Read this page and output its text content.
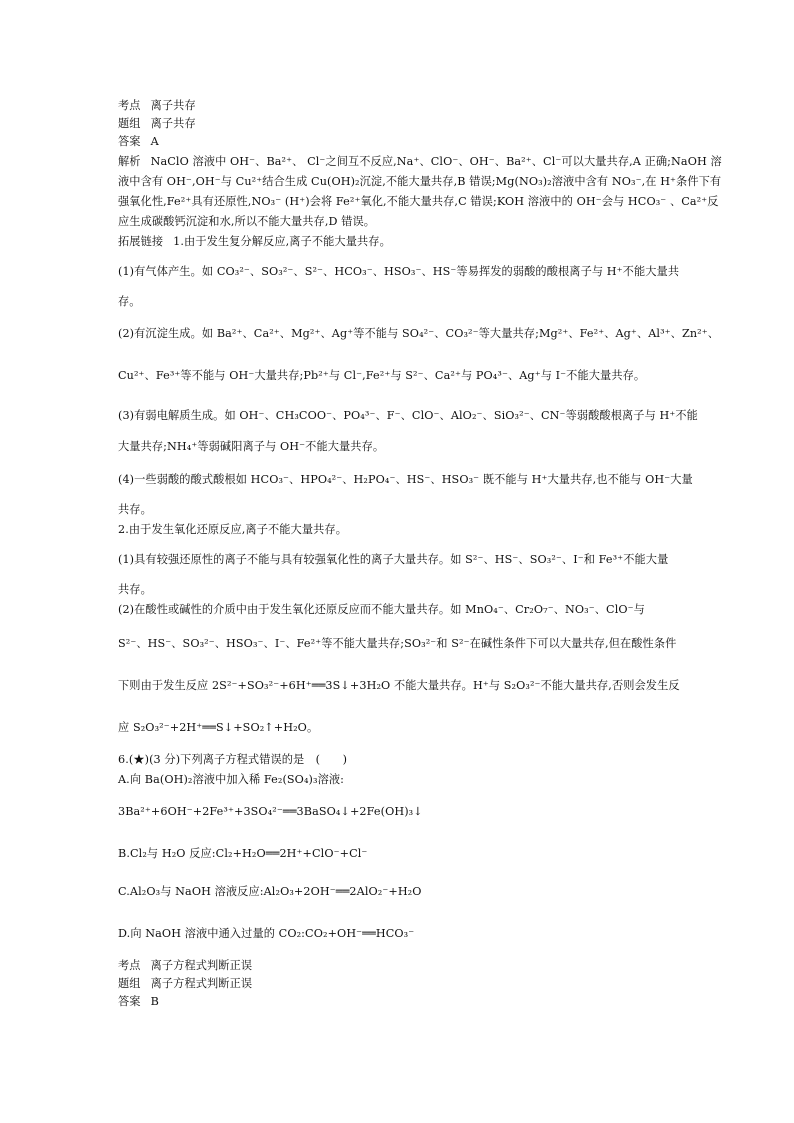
考点 离子共存
题组 离子共存
答案 A
解析 NaClO 溶液中 OH⁻、Ba²⁺、 Cl⁻之间互不反应,Na⁺、ClO⁻、OH⁻、Ba²⁺、Cl⁻可以大量共存,A 正确;NaOH 溶
液中含有 OH⁻,OH⁻与 Cu²⁺结合生成 Cu(OH)₂沉淀,不能大量共存,B 错误;Mg(NO₃)₂溶液中含有 NO₃⁻,在 H⁺条件下有
强氧化性,Fe²⁺具有还原性,NO₃⁻ (H⁺)会将 Fe²⁺氧化,不能大量共存,C 错误;KOH 溶液中的 OH⁻会与 HCO₃⁻ 、Ca²⁺反
应生成碳酸钙沉淀和水,所以不能大量共存,D 错误。
拓展链接 1.由于发生复分解反应,离子不能大量共存。
(1)有气体产生。如 CO₃²⁻、SO₃²⁻、S²⁻、HCO₃⁻、HSO₃⁻、HS⁻等易挥发的弱酸的酸根离子与 H⁺不能大量共
存。
(2)有沉淀生成。如 Ba²⁺、Ca²⁺、Mg²⁺、Ag⁺等不能与 SO₄²⁻、CO₃²⁻等大量共存;Mg²⁺、Fe²⁺、Ag⁺、Al³⁺、Zn²⁺、
Cu²⁺、Fe³⁺等不能与 OH⁻大量共存;Pb²⁺与 Cl⁻,Fe²⁺与 S²⁻、Ca²⁺与 PO₄³⁻、Ag⁺与 I⁻不能大量共存。
(3)有弱电解质生成。如 OH⁻、CH₃COO⁻、PO₄³⁻、F⁻、ClO⁻、AlO₂⁻、SiO₃²⁻、CN⁻等弱酸酸根离子与 H⁺不能
大量共存;NH₄⁺等弱碱阳离子与 OH⁻不能大量共存。
(4)一些弱酸的酸式酸根如 HCO₃⁻、HPO₄²⁻、H₂PO₄⁻、HS⁻、HSO₃⁻ 既不能与 H⁺大量共存,也不能与 OH⁻大量
共存。
2.由于发生氧化还原反应,离子不能大量共存。
(1)具有较强还原性的离子不能与具有较强氧化性的离子大量共存。如 S²⁻、HS⁻、SO₃²⁻、I⁻和 Fe³⁺不能大量
共存。
(2)在酸性或碱性的介质中由于发生氧化还原反应而不能大量共存。如 MnO₄⁻、Cr₂O₇⁻、NO₃⁻、ClO⁻与
S²⁻、HS⁻、SO₃²⁻、HSO₃⁻、I⁻、Fe²⁺等不能大量共存;SO₃²⁻和 S²⁻在碱性条件下可以大量共存,但在酸性条件
下则由于发生反应 2S²⁻+SO₃²⁻+6H⁺══3S↓+3H₂O 不能大量共存。H⁺与 S₂O₃²⁻不能大量共存,否则会发生反
应 S₂O₃²⁻+2H⁺══S↓+SO₂↑+H₂O。
6.(★)(3 分)下列离子方程式错误的是　(　　)
A.向 Ba(OH)₂溶液中加入稀 Fe₂(SO₄)₃溶液:
3Ba²⁺+6OH⁻+2Fe³⁺+3SO₄²⁻══3BaSO₄↓+2Fe(OH)₃↓
B.Cl₂与 H₂O 反应:Cl₂+H₂O══2H⁺+ClO⁻+Cl⁻
C.Al₂O₃与 NaOH 溶液反应:Al₂O₃+2OH⁻══2AlO₂⁻+H₂O
D.向 NaOH 溶液中通入过量的 CO₂:CO₂+OH⁻══HCO₃⁻
考点 离子方程式判断正误
题组 离子方程式判断正误
答案 B
